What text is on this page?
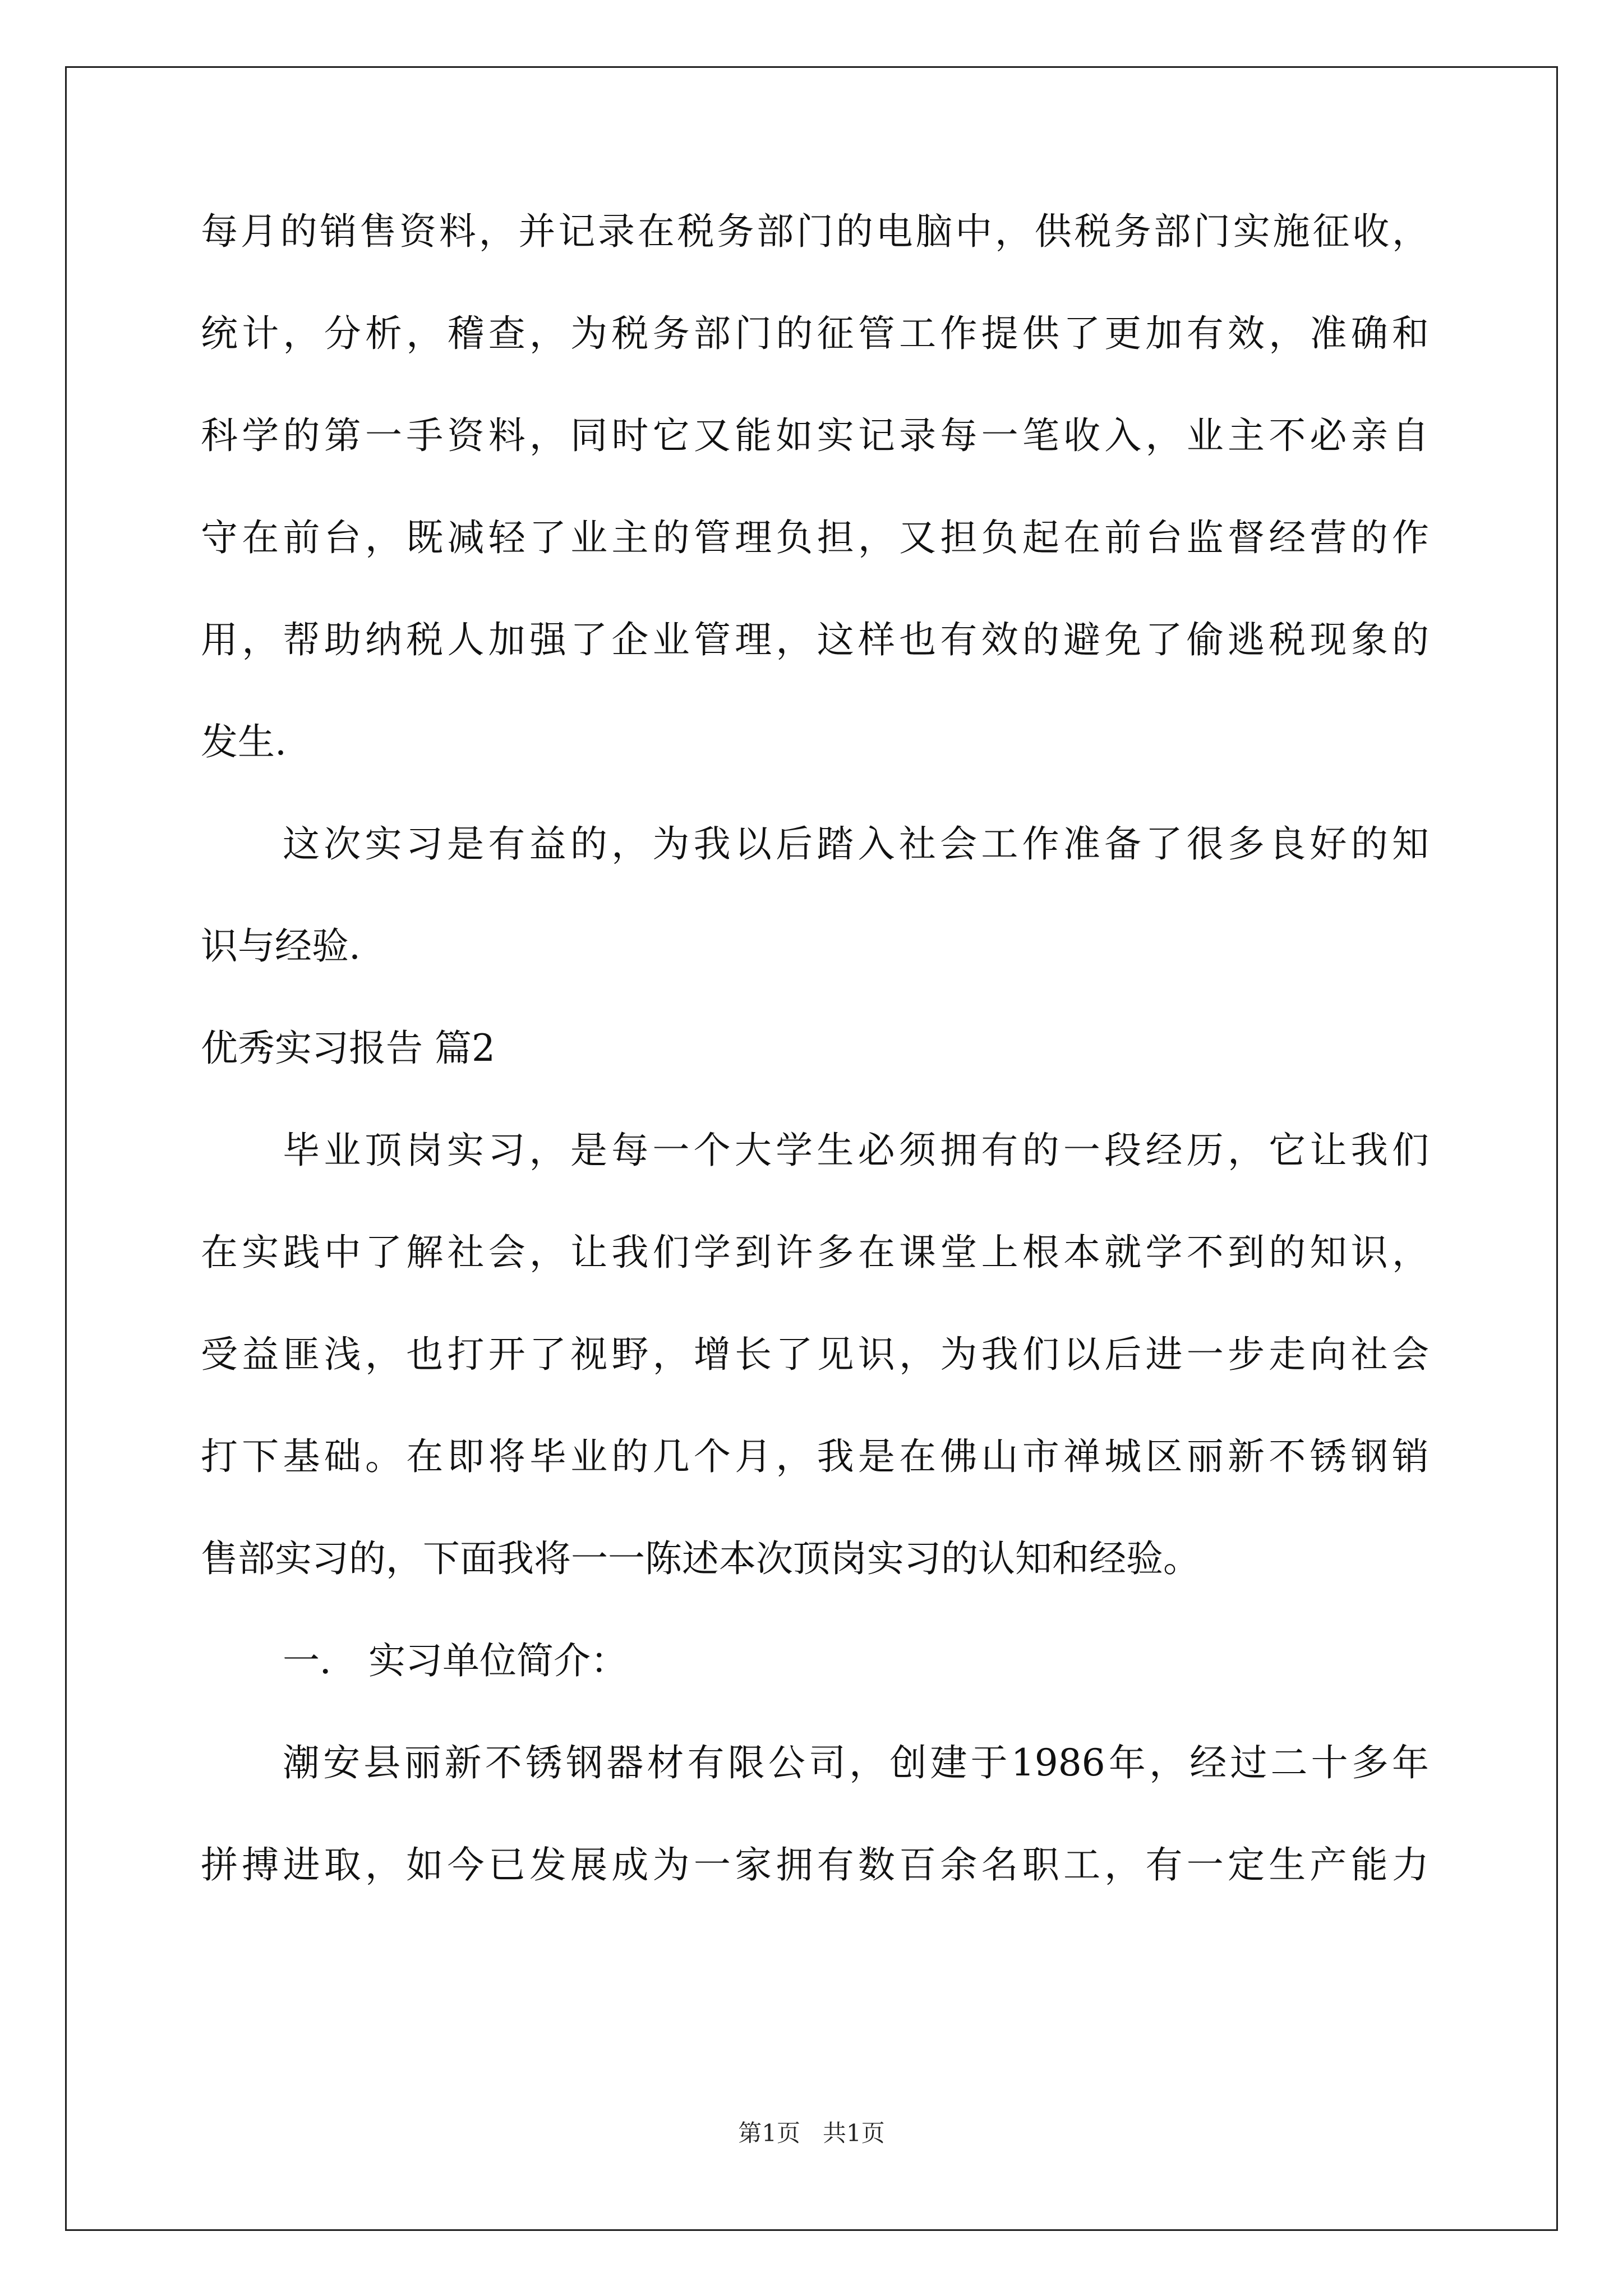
每月的销售资料，并记录在税务部门的电脑中，供税务部门实施征收，
统计，分析，稽查，为税务部门的征管工作提供了更加有效，准确和
科学的第一手资料，同时它又能如实记录每一笔收入，业主不必亲自
守在前台，既减轻了业主的管理负担，又担负起在前台监督经营的作
用，帮助纳税人加强了企业管理，这样也有效的避免了偷逃税现象的
发生.
这次实习是有益的，为我以后踏入社会工作准备了很多良好的知
识与经验.
优秀实习报告 篇2
毕业顶岗实习，是每一个大学生必须拥有的一段经历，它让我们
在实践中了解社会，让我们学到许多在课堂上根本就学不到的知识，
受益匪浅，也打开了视野，增长了见识，为我们以后进一步走向社会
打下基础。在即将毕业的几个月，我是在佛山市禅城区丽新不锈钢销
售部实习的，下面我将一一陈述本次顶岗实习的认知和经验。
一． 实习单位简介：
潮安县丽新不锈钢器材有限公司，创建于1986年，经过二十多年
拼搏进取，如今已发展成为一家拥有数百余名职工，有一定生产能力
第1页   共1页
